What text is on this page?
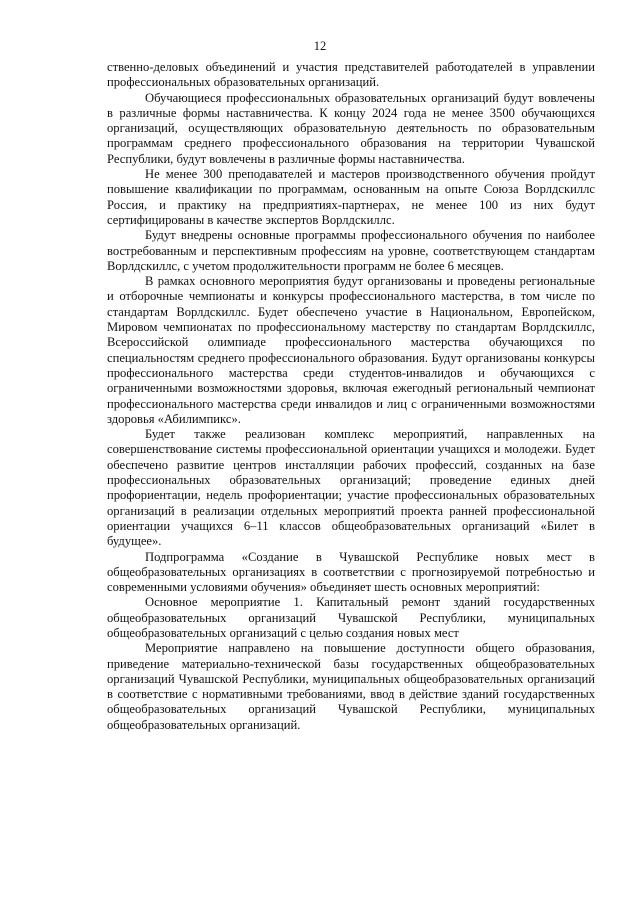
12

ственно-деловых объединений и участия представителей работодателей в управлении профессиональных образовательных организаций.

Обучающиеся профессиональных образовательных организаций будут вовлечены в различные формы наставничества. К концу 2024 года не менее 3500 обучающихся организаций, осуществляющих образовательную деятельность по образовательным программам среднего профессионального образования на территории Чувашской Республики, будут вовлечены в различные формы наставничества.

Не менее 300 преподавателей и мастеров производственного обучения пройдут повышение квалификации по программам, основанным на опыте Союза Ворлдскиллс Россия, и практику на предприятиях-партнерах, не менее 100 из них будут сертифицированы в качестве экспертов Ворлдскиллс.

Будут внедрены основные программы профессионального обучения по наиболее востребованным и перспективным профессиям на уровне, соответствующем стандартам Ворлдскиллс, с учетом продолжительности программ не более 6 месяцев.

В рамках основного мероприятия будут организованы и проведены региональные и отборочные чемпионаты и конкурсы профессионального мастерства, в том числе по стандартам Ворлдскиллс. Будет обеспечено участие в Национальном, Европейском, Мировом чемпионатах по профессиональному мастерству по стандартам Ворлдскиллс, Всероссийской олимпиаде профессионального мастерства обучающихся по специальностям среднего профессионального образования. Будут организованы конкурсы профессионального мастерства среди студентов-инвалидов и обучающихся с ограниченными возможностями здоровья, включая ежегодный региональный чемпионат профессионального мастерства среди инвалидов и лиц с ограниченными возможностями здоровья «Абилимпикс».

Будет также реализован комплекс мероприятий, направленных на совершенствование системы профессиональной ориентации учащихся и молодежи. Будет обеспечено развитие центров инсталляции рабочих профессий, созданных на базе профессиональных образовательных организаций; проведение единых дней профориентации, недель профориентации; участие профессиональных образовательных организаций в реализации отдельных мероприятий проекта ранней профессиональной ориентации учащихся 6–11 классов общеобразовательных организаций «Билет в будущее».

Подпрограмма «Создание в Чувашской Республике новых мест в общеобразовательных организациях в соответствии с прогнозируемой потребностью и современными условиями обучения» объединяет шесть основных мероприятий:

Основное мероприятие 1. Капитальный ремонт зданий государственных общеобразовательных организаций Чувашской Республики, муниципальных общеобразовательных организаций с целью создания новых мест

Мероприятие направлено на повышение доступности общего образования, приведение материально-технической базы государственных общеобразовательных организаций Чувашской Республики, муниципальных общеобразовательных организаций в соответствие с нормативными требованиями, ввод в действие зданий государственных общеобразовательных организаций Чувашской Республики, муниципальных общеобразовательных организаций.
